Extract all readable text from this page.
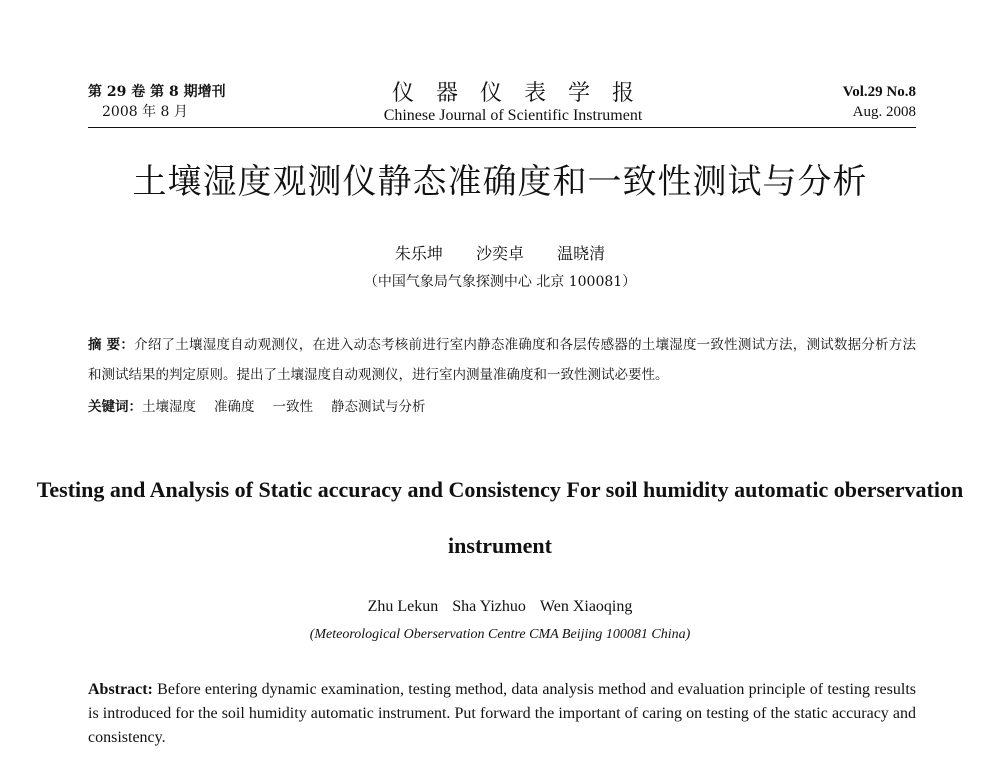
第 29 卷 第 8 期增刊
2008 年 8 月
仪器仪表学报
Chinese Journal of Scientific Instrument
Vol.29 No.8
Aug. 2008
土壤湿度观测仪静态准确度和一致性测试与分析
朱乐坤 沙奕卓 温晓清
（中国气象局气象探测中心 北京 100081）
摘 要：介绍了土壤湿度自动观测仪，在进入动态考核前进行室内静态准确度和各层传感器的土壤湿度一致性测试方法，测试数据分析方法和测试结果的判定原则。提出了土壤湿度自动观测仪，进行室内测量准确度和一致性测试必要性。
关键词：土壤湿度 准确度 一致性 静态测试与分析
Testing and Analysis of Static accuracy and Consistency For soil humidity automatic oberservation instrument
Zhu Lekun Sha Yizhuo Wen Xiaoqing
(Meteorological Oberservation Centre CMA Beijing 100081 China)
Abstract: Before entering dynamic examination, testing method, data analysis method and evaluation principle of testing results is introduced for the soil humidity automatic instrument. Put forward the important of caring on testing of the static accuracy and consistency.
